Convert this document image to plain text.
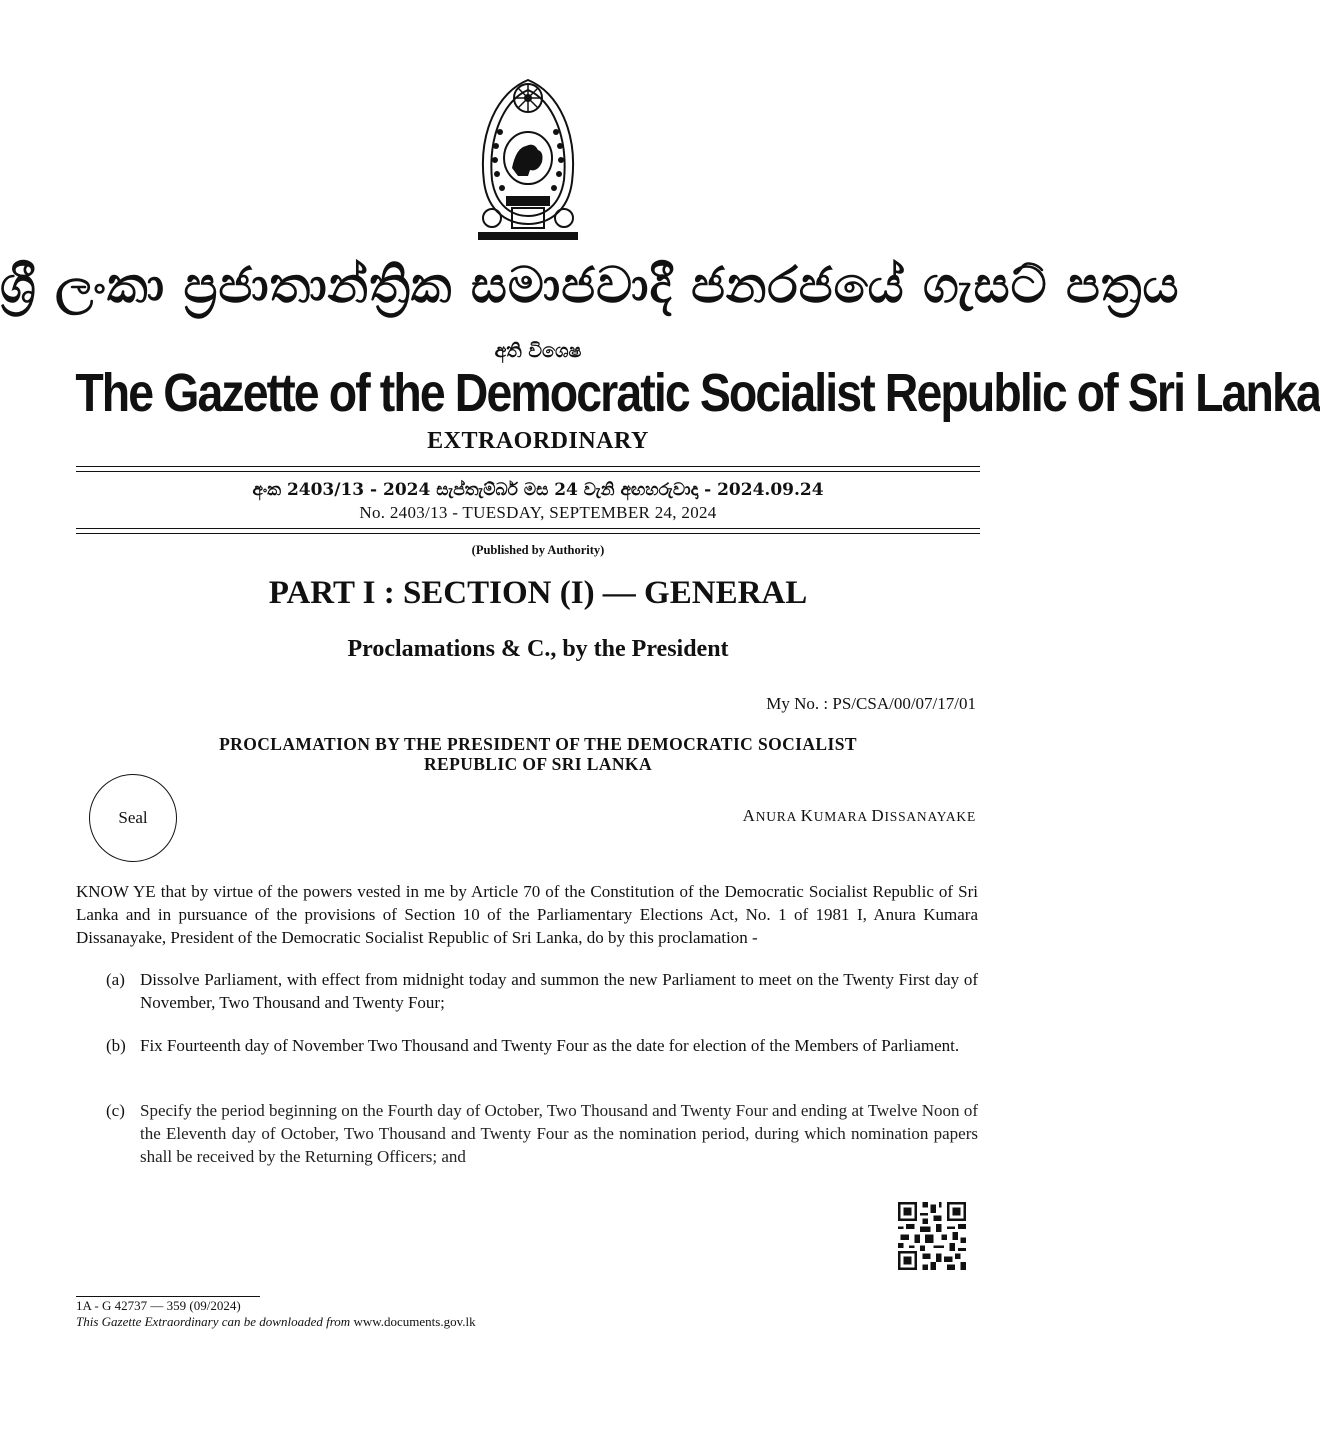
ශ්‍රී ලංකා ප්‍රජාතාන්ත්‍රික සමාජවාදී ජනරජයේ ගැසට් පත්‍රය
අති විශෙෂ
The Gazette of the Democratic Socialist Republic of Sri Lanka
EXTRAORDINARY
අංක 2403/13 - 2024 සැප්තැම්බර් මස 24 වැනි අඟහරුවාදා - 2024.09.24
No. 2403/13 - TUESDAY, SEPTEMBER 24, 2024
(Published by Authority)
PART I : SECTION (I) — GENERAL
Proclamations & C., by the President
My No. : PS/CSA/00/07/17/01
PROCLAMATION BY THE PRESIDENT OF THE DEMOCRATIC SOCIALIST
REPUBLIC OF SRI LANKA
Seal	ANURA KUMARA DISSANAYAKE
KNOW YE that by virtue of the powers vested in me by Article 70 of the Constitution of the Democratic Socialist Republic of Sri Lanka and in pursuance of the provisions of Section 10 of the Parliamentary Elections Act, No. 1 of 1981 I, Anura Kumara Dissanayake, President of the Democratic Socialist Republic of Sri Lanka, do by this proclamation -
(a) Dissolve Parliament, with effect from midnight today and summon the new Parliament to meet on the Twenty First day of November, Two Thousand and Twenty Four;
(b) Fix Fourteenth day of November Two Thousand and Twenty Four as the date for election of the Members of Parliament.
(c) Specify the period beginning on the Fourth day of October, Two Thousand and Twenty Four and ending at Twelve Noon of the Eleventh day of October, Two Thousand and Twenty Four as the nomination period, during which nomination papers shall be received by the Returning Officers; and
1A - G 42737 — 359 (09/2024)
This Gazette Extraordinary can be downloaded from www.documents.gov.lk
